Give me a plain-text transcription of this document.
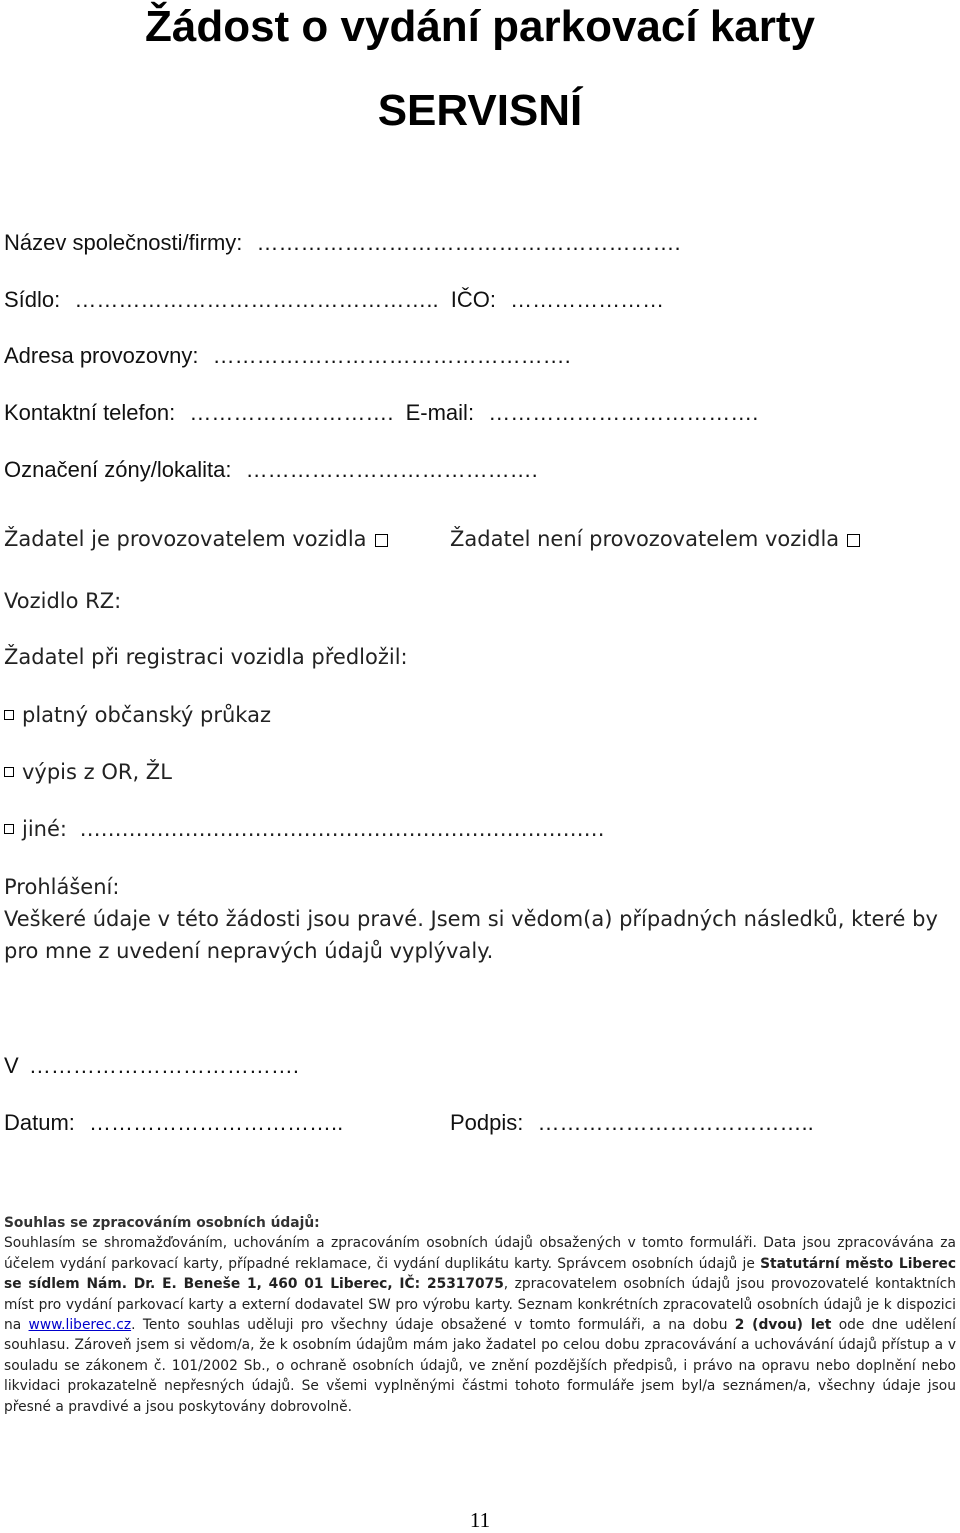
Žádost o vydání parkovací karty
SERVISNÍ
Název společnosti/firmy: ………………………………………………….
Sídlo: ………………………………………….. IČO: …………………
Adresa provozovny: ………………………………………….
Kontaktní telefon: ………………………. E-mail: ……………………………….
Označení zóny/lokalita: ………………………………….
Žadatel je provozovatelem vozidla	Žadatel není provozovatelem vozidla
Vozidlo RZ:
Žadatel při registraci vozidla předložil:
platný občanský průkaz
výpis z OR, ŽL
jiné: …………………………………………………………………
Prohlášení:
Veškeré údaje v této žádosti jsou pravé. Jsem si vědom(a) případných následků, které by pro mne z uvedení nepravých údajů vyplývaly.
V ……………………………….
Datum: ……………………………..	Podpis: ………………………………..
Souhlas se zpracováním osobních údajů:
Souhlasím se shromažďováním, uchováním a zpracováním osobních údajů obsažených v tomto formuláři. Data jsou zpracovávána za účelem vydání parkovací karty, případné reklamace, či vydání duplikátu karty. Správcem osobních údajů je Statutární město Liberec se sídlem Nám. Dr. E. Beneše 1, 460 01 Liberec, IČ: 25317075, zpracovatelem osobních údajů jsou provozovatelé kontaktních míst pro vydání parkovací karty a externí dodavatel SW pro výrobu karty. Seznam konkrétních zpracovatelů osobních údajů je k dispozici na www.liberec.cz. Tento souhlas uděluji pro všechny údaje obsažené v tomto formuláři, a na dobu 2 (dvou) let ode dne udělení souhlasu. Zároveň jsem si vědom/a, že k osobním údajům mám jako žadatel po celou dobu zpracovávání a uchovávání údajů přístup a v souladu se zákonem č. 101/2002 Sb., o ochraně osobních údajů, ve znění pozdějších předpisů, i právo na opravu nebo doplnění nebo likvidaci prokazatelně nepřesných údajů. Se všemi vyplněnými částmi tohoto formuláře jsem byl/a seznámen/a, všechny údaje jsou přesné a pravdivé a jsou poskytovány dobrovolně.
11
